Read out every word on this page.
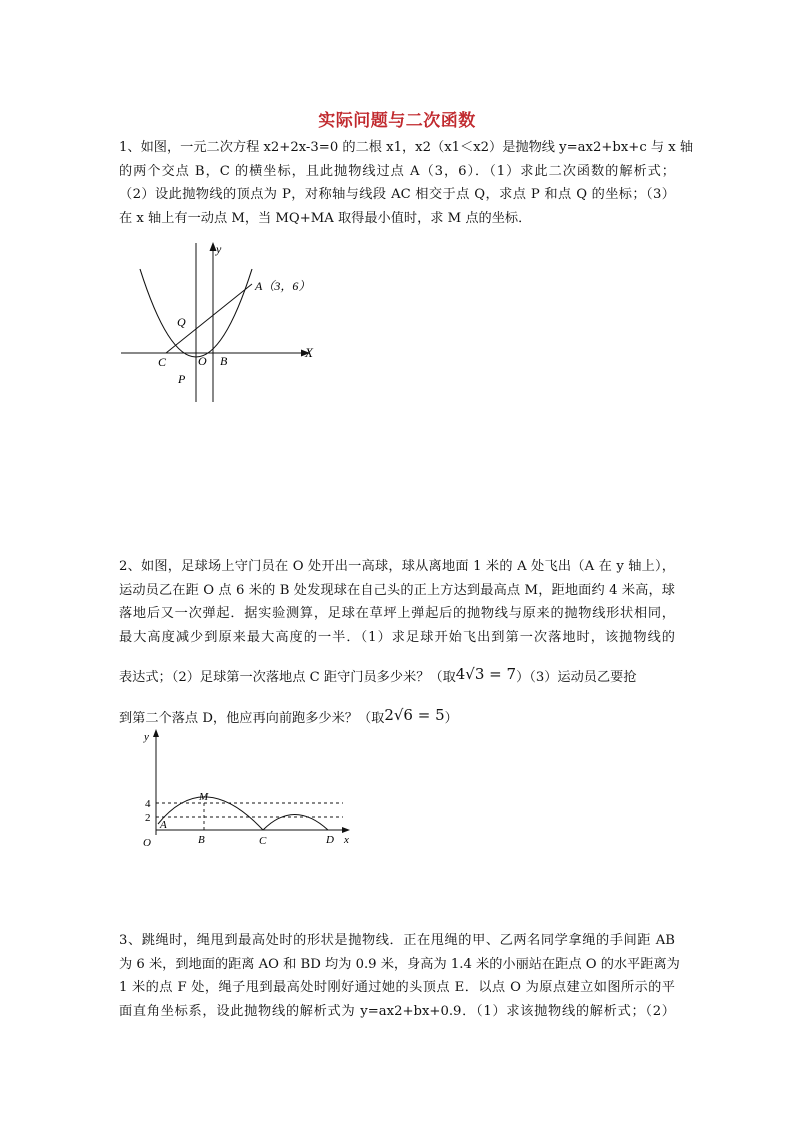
实际问题与二次函数
1、如图，一元二次方程 x2+2x-3=0 的二根 x1，x2（x1＜x2）是抛物线 y=ax2+bx+c 与 x 轴
的两个交点 B，C 的横坐标，且此抛物线过点 A（3，6）．（1）求此二次函数的解析式；
（2）设此抛物线的顶点为 P，对称轴与线段 AC 相交于点 Q，求点 P 和点 Q 的坐标；（3）
在 x 轴上有一动点 M，当 MQ+MA 取得最小值时，求 M 点的坐标．
y
X
A（3，6）
Q
C	O B
P
2、如图，足球场上守门员在 O 处开出一高球，球从离地面 1 米的 A 处飞出（A 在 y 轴上），
运动员乙在距 O 点 6 米的 B 处发现球在自己头的正上方达到最高点 M，距地面约 4 米高，球
落地后又一次弹起．据实验测算，足球在草坪上弹起后的抛物线与原来的抛物线形状相同，
最大高度减少到原来最大高度的一半．（1）求足球开始飞出到第一次落地时，该抛物线的
表达式；（2）足球第一次落地点 C 距守门员多少米？（取4√3 = 7）（3）运动员乙要抢
到第二个落点 D，他应再向前跑多少米？（取2√6 = 5）
y
x
4
2
M
A
O	B	C	D
3、跳绳时，绳甩到最高处时的形状是抛物线．正在甩绳的甲、乙两名同学拿绳的手间距 AB
为 6 米，到地面的距离 AO 和 BD 均为 0.9 米，身高为 1.4 米的小丽站在距点 O 的水平距离为
1 米的点 F 处，绳子甩到最高处时刚好通过她的头顶点 E．以点 O 为原点建立如图所示的平
面直角坐标系，设此抛物线的解析式为 y=ax2+bx+0.9．（1）求该抛物线的解析式；（2）
